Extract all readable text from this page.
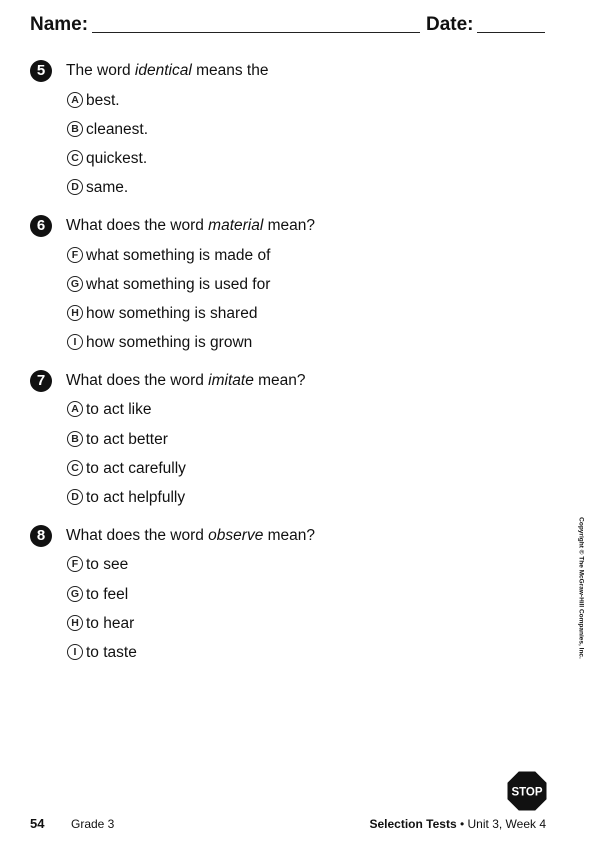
Name:	Date:
5	The word identical means the
A best.
B cleanest.
C quickest.
D same.
6	What does the word material mean?
F what something is made of
G what something is used for
H how something is shared
I how something is grown
7	What does the word imitate mean?
A to act like
B to act better
C to act carefully
D to act helpfully
8	What does the word observe mean?
F to see
G to feel
H to hear
I to taste	Copyright © The McGraw-Hill Companies, Inc.
STOP
54 Grade 3	Selection Tests • Unit 3, Week 4
